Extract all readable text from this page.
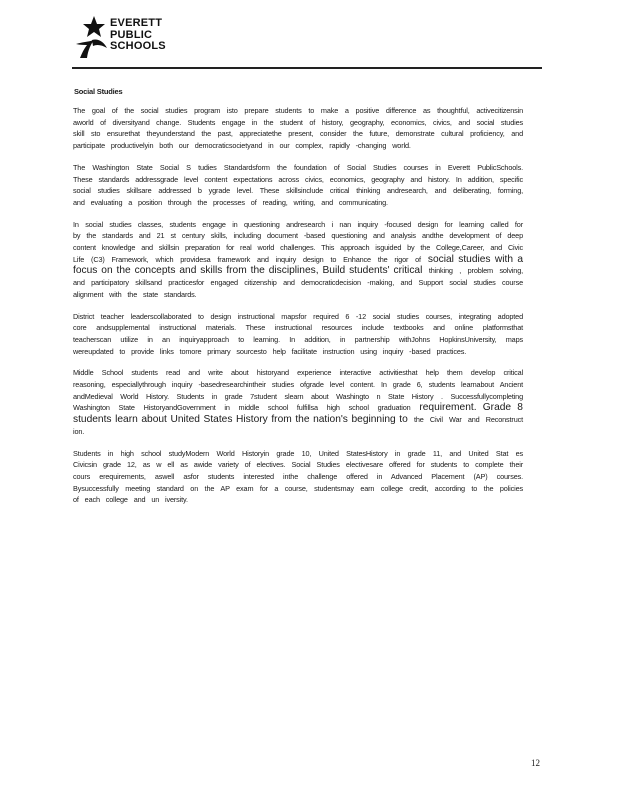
EVERETT
PUBLIC
SCHOOLS
Social Studies

The goal of the social studies program isto prepare students to make a positive difference as thoughtful, activecitizensin aworld of diversityand change. Students engage in the student of history, geography, economics, civics, and social studies skill sto ensurethat theyunderstand the past, appreciatethe present, consider the future, demonstrate cultural proficiency, and participate productivelyin both our democraticsocietyand in our complex, rapidly -changing world.

The Washington State Social S tudies Standardsform the foundation of Social Studies courses in Everett PublicSchools. These standards addressgrade level content expectations across civics, economics, geography and history. In addition, specific social studies skillsare addressed b ygrade level. These skillsinclude critical thinking andresearch, and deliberating, forming, and evaluating a position through the processes of reading, writing, and communicating.

In social studies classes, students engage in questioning andresearch i nan inquiry -focused design for learning called for by the standards and 21 st century skills, including document -based questioning and analysis andthe development of deep content knowledge and skillsin preparation for real world challenges. This approach isguided by the College,Career, and Civic Life (C3) Framework, which providesa framework and inquiry design to Enhance the rigor of social studies with a focus on the concepts and skills from the disciplines, Build students' critical thinking , problem solving, and participatory skillsand practicesfor engaged citizenship and democraticdecision -making, and Support social studies course alignment with the state standards.

District teacher leaderscollaborated to design instructional mapsfor required 6 -12 social studies courses, integrating adopted core andsupplemental instructional materials. These instructional resources include textbooks and online platformsthat teacherscan utilize in an inquiryapproach to learning. In addition, in partnership withJohns HopkinsUniversity, maps wereupdated to provide links tomore primary sourcesto help facilitate instruction using inquiry -based practices.

Middle School students read and write about historyand experience interactive activitiesthat help them develop critical reasoning, especiallythrough inquiry -basedresearchintheir studies ofgrade level content. In grade 6, students learnabout Ancient andMedieval World History. Students in grade 7student slearn about Washingto n State History . Successfullycompleting Washington State HistoryandGovernment in middle school fulfillsa high school graduation requirement. Grade 8 students learn about United States History from the nation's beginning to the Civil War and Reconstruct ion.

Students in high school studyModern World Historyin grade 10, United StatesHistory in grade 11, and United Stat es Civicsin grade 12, as w ell as awide variety of electives. Social Studies electivesare offered for students to complete their cours erequirements, aswell asfor students interested inthe challenge offered in Advanced Placement (AP) courses. Bysuccessfully meeting standard on the AP exam for a course, studentsmay earn college credit, according to the policies of each college and un iversity.

12
